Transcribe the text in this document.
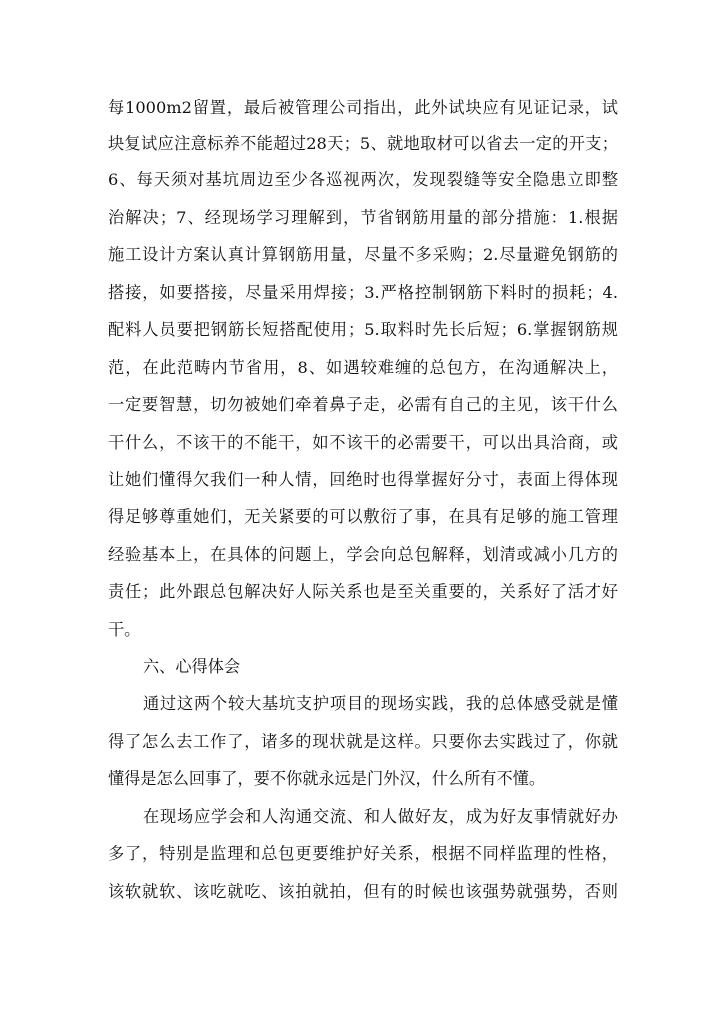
每1000m2留置，最后被管理公司指出，此外试块应有见证记录，试
块复试应注意标养不能超过28天；5、就地取材可以省去一定的开支；
6、每天须对基坑周边至少各巡视两次，发现裂缝等安全隐患立即整
治解决；7、经现场学习理解到，节省钢筋用量的部分措施：1.根据
施工设计方案认真计算钢筋用量，尽量不多采购；2.尽量避免钢筋的
搭接，如要搭接，尽量采用焊接；3.严格控制钢筋下料时的损耗；4.
配料人员要把钢筋长短搭配使用；5.取料时先长后短；6.掌握钢筋规
范，在此范畴内节省用，8、如遇较难缠的总包方，在沟通解决上，
一定要智慧，切勿被她们牵着鼻子走，必需有自己的主见，该干什么
干什么，不该干的不能干，如不该干的必需要干，可以出具洽商，或
让她们懂得欠我们一种人情，回绝时也得掌握好分寸，表面上得体现
得足够尊重她们，无关紧要的可以敷衍了事，在具有足够的施工管理
经验基本上，在具体的问题上，学会向总包解释，划清或减小几方的
责任；此外跟总包解决好人际关系也是至关重要的，关系好了活才好
干。
六、心得体会
通过这两个较大基坑支护项目的现场实践，我的总体感受就是懂
得了怎么去工作了，诸多的现状就是这样。只要你去实践过了，你就
懂得是怎么回事了，要不你就永远是门外汉，什么所有不懂。
在现场应学会和人沟通交流、和人做好友，成为好友事情就好办
多了，特别是监理和总包更要维护好关系，根据不同样监理的性格，
该软就软、该吃就吃、该拍就拍，但有的时候也该强势就强势，否则
